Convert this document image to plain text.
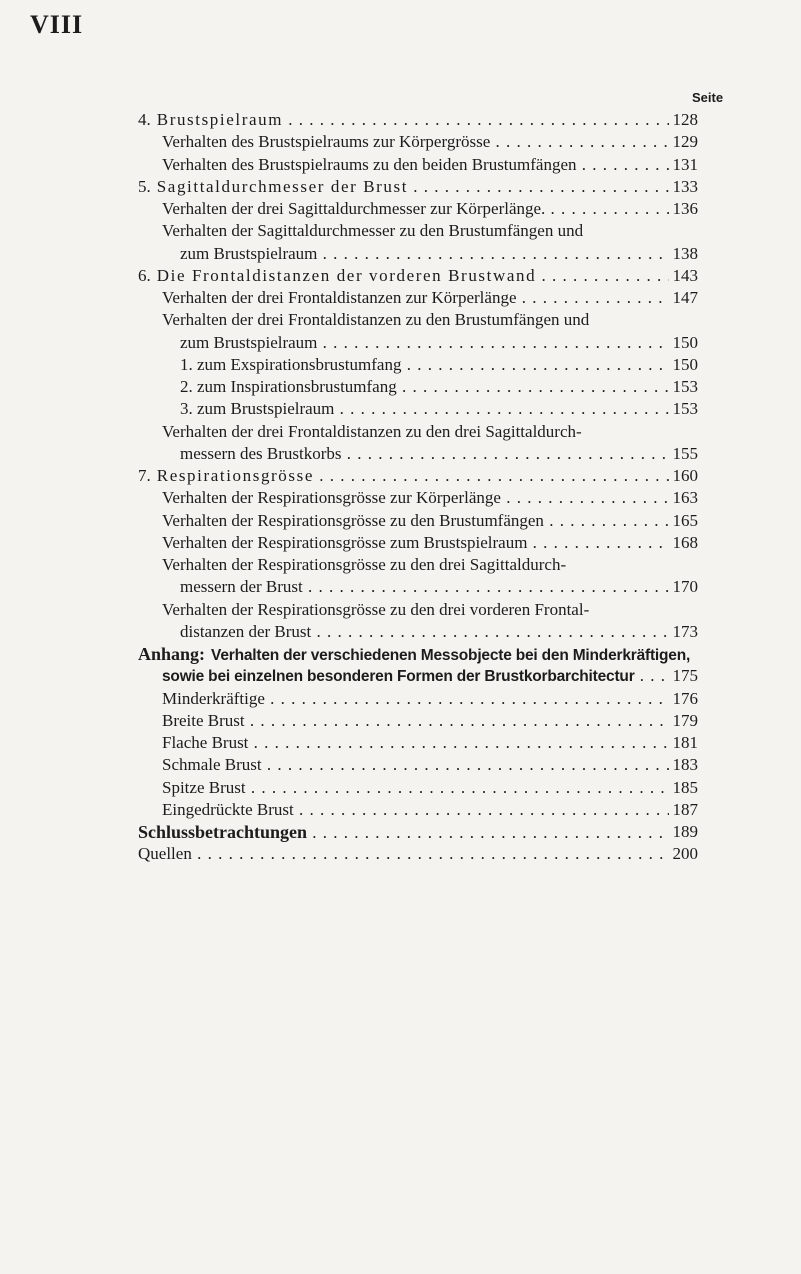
VIII
Seite
4. Brustspielraum . . .	128
Verhalten des Brustspielraums zur Körpergrösse . . .	129
Verhalten des Brustspielraums zu den beiden Brustumfängen . . .	131
5. Sagittaldurchmesser der Brust . . .	133
Verhalten der drei Sagittaldurchmesser zur Körperlänge. . . .	136
Verhalten der Sagittaldurchmesser zu den Brustumfängen und
zum Brustspielraum . . .	138
6. Die Frontaldistanzen der vorderen Brustwand . . .	143
Verhalten der drei Frontaldistanzen zur Körperlänge . . .	147
Verhalten der drei Frontaldistanzen zu den Brustumfängen und
zum Brustspielraum . . .	150
1. zum Exspirationsbrustumfang . . .	150
2. zum Inspirationsbrustumfang . . .	153
3. zum Brustspielraum . . .	153
Verhalten der drei Frontaldistanzen zu den drei Sagittaldurch-
messern des Brustkorbs . . .	155
7. Respirationsgrösse . . .	160
Verhalten der Respirationsgrösse zur Körperlänge . . .	163
Verhalten der Respirationsgrösse zu den Brustumfängen . . .	165
Verhalten der Respirationsgrösse zum Brustspielraum . . .	168
Verhalten der Respirationsgrösse zu den drei Sagittaldurch-
messern der Brust . . .	170
Verhalten der Respirationsgrösse zu den drei vorderen Frontal-
distanzen der Brust . . .	173
Anhang: Verhalten der verschiedenen Messobjecte bei den Minderkräftigen,
sowie bei einzelnen besonderen Formen der Brustkorbarchitectur . . .	175
Minderkräftige . . .	176
Breite Brust . . .	179
Flache Brust . . .	181
Schmale Brust . . .	183
Spitze Brust . . .	185
Eingedrückte Brust . . .	187
Schlussbetrachtungen . . .	189
Quellen . . .	200
